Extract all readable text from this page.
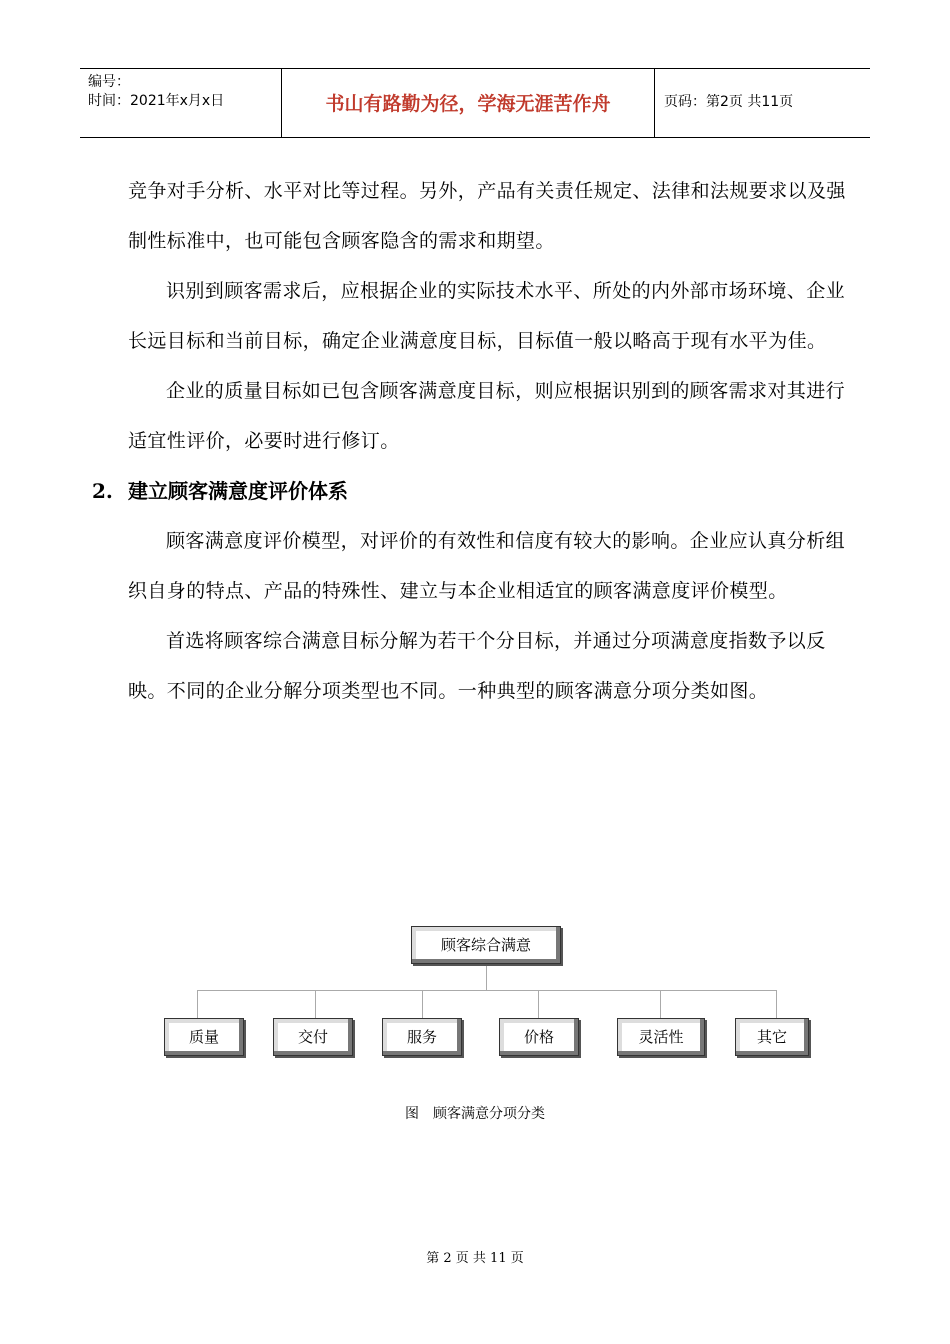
编号：
时间：2021年x月x日	书山有路勤为径，学海无涯苦作舟	页码：第2页 共11页

竞争对手分析、水平对比等过程。另外，产品有关责任规定、法律和法规要求以及强制性标准中，也可能包含顾客隐含的需求和期望。

识别到顾客需求后，应根据企业的实际技术水平、所处的内外部市场环境、企业长远目标和当前目标，确定企业满意度目标，目标值一般以略高于现有水平为佳。

企业的质量目标如已包含顾客满意度目标，则应根据识别到的顾客需求对其进行适宜性评价，必要时进行修订。

2. 建立顾客满意度评价体系

顾客满意度评价模型，对评价的有效性和信度有较大的影响。企业应认真分析组织自身的特点、产品的特殊性、建立与本企业相适宜的顾客满意度评价模型。

首选将顾客综合满意目标分解为若干个分目标，并通过分项满意度指数予以反映。不同的企业分解分项类型也不同。一种典型的顾客满意分项分类如图。

顾客综合满意
质量	交付	服务	价格	灵活性	其它
图　顾客满意分项分类
第 2 页 共 11 页
